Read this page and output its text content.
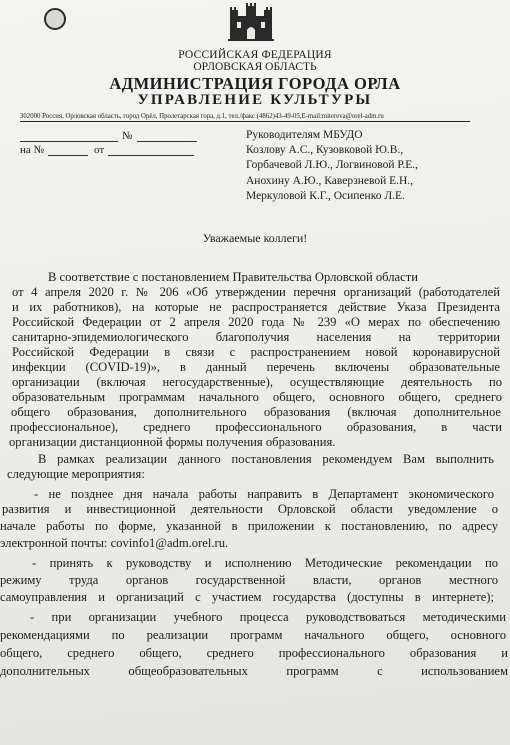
РОССИЙСКАЯ ФЕДЕРАЦИЯ
ОРЛОВСКАЯ ОБЛАСТЬ
АДМИНИСТРАЦИЯ ГОРОДА ОРЛА
УПРАВЛЕНИЕ КУЛЬТУРЫ
302000 Россия, Орловская область, город Орёл, Пролетарская гора, д.1, тел./факс (4862)43-49-05,E-mail:mitereva@orel-adm.ru
№
на №	от
Руководителям МБУДО
Козлову А.С., Кузовковой Ю.В.,
Горбачевой Л.Ю., Логвиновой Р.Е.,
Анохину А.Ю., Каверзневой Е.Н.,
Меркуловой К.Г., Осипенко Л.Е.
Уважаемые коллеги!
В соответствие с постановлением Правительства Орловской области
от 4 апреля 2020 г. № 206 «Об утверждении перечня организаций (работодателей
и их работников), на которые не распространяется действие Указа Президента
Российской Федерации от 2 апреля 2020 года № 239 «О мерах по обеспечению
санитарно-эпидемиологического благополучия населения на территории
Российской Федерации в связи с распространением новой коронавирусной
инфекции (COVID-19)», в данный перечень включены образовательные
организации (включая негосударственные), осуществляющие деятельность по
образовательным программам начального общего, основного общего, среднего
общего образования, дополнительного образования (включая дополнительное
профессиональное), среднего профессионального образования, в части
организации дистанционной формы получения образования.
В рамках реализации данного постановления рекомендуем Вам выполнить
следующие мероприятия:
- не позднее дня начала работы направить в Департамент экономического
развития и инвестиционной деятельности Орловской области уведомление о
начале работы по форме, указанной в приложении к постановлению, по адресу
электронной почты: covinfo1@adm.orel.ru.
- принять к руководству и исполнению Методические рекомендации по
режиму труда органов государственной власти, органов местного
самоуправления и организаций с участием государства (доступны в интернете);
- при организации учебного процесса руководствоваться методическими
рекомендациями по реализации программ начального общего, основного
общего, среднего общего, среднего профессионального образования и
дополнительных общеобразовательных программ с использованием
